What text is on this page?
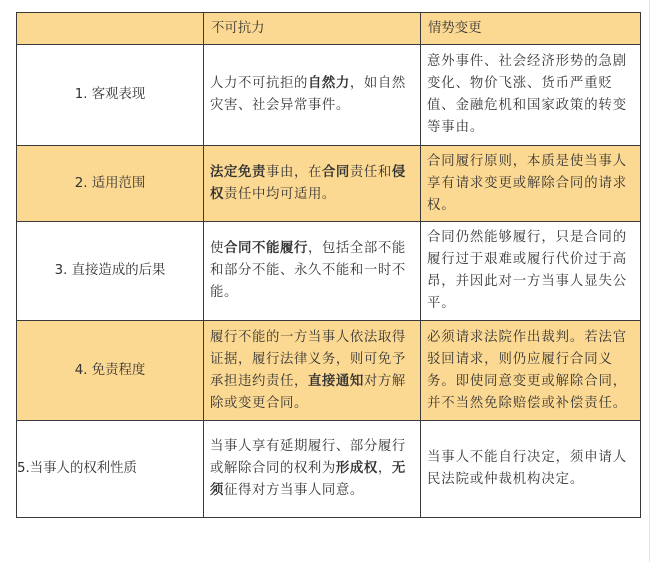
	不可抗力	情势变更
1. 客观表现	人力不可抗拒的自然力，如自然灾害、社会异常事件。	意外事件、社会经济形势的急剧变化、物价飞涨、货币严重贬值、金融危机和国家政策的转变等事由。
2. 适用范围	法定免责事由，在合同责任和侵权责任中均可适用。	合同履行原则，本质是使当事人享有请求变更或解除合同的请求权。
3. 直接造成的后果	使合同不能履行，包括全部不能和部分不能、永久不能和一时不能。	合同仍然能够履行，只是合同的履行过于艰难或履行代价过于高昂，并因此对一方当事人显失公平。
4. 免责程度	履行不能的一方当事人依法取得证据，履行法律义务，则可免予承担违约责任，直接通知对方解除或变更合同。	必须请求法院作出裁判。若法官驳回请求，则仍应履行合同义务。即使同意变更或解除合同，并不当然免除赔偿或补偿责任。
5.当事人的权利性质	当事人享有延期履行、部分履行或解除合同的权利为形成权，无须征得对方当事人同意。	当事人不能自行决定，须申请人民法院或仲裁机构决定。
